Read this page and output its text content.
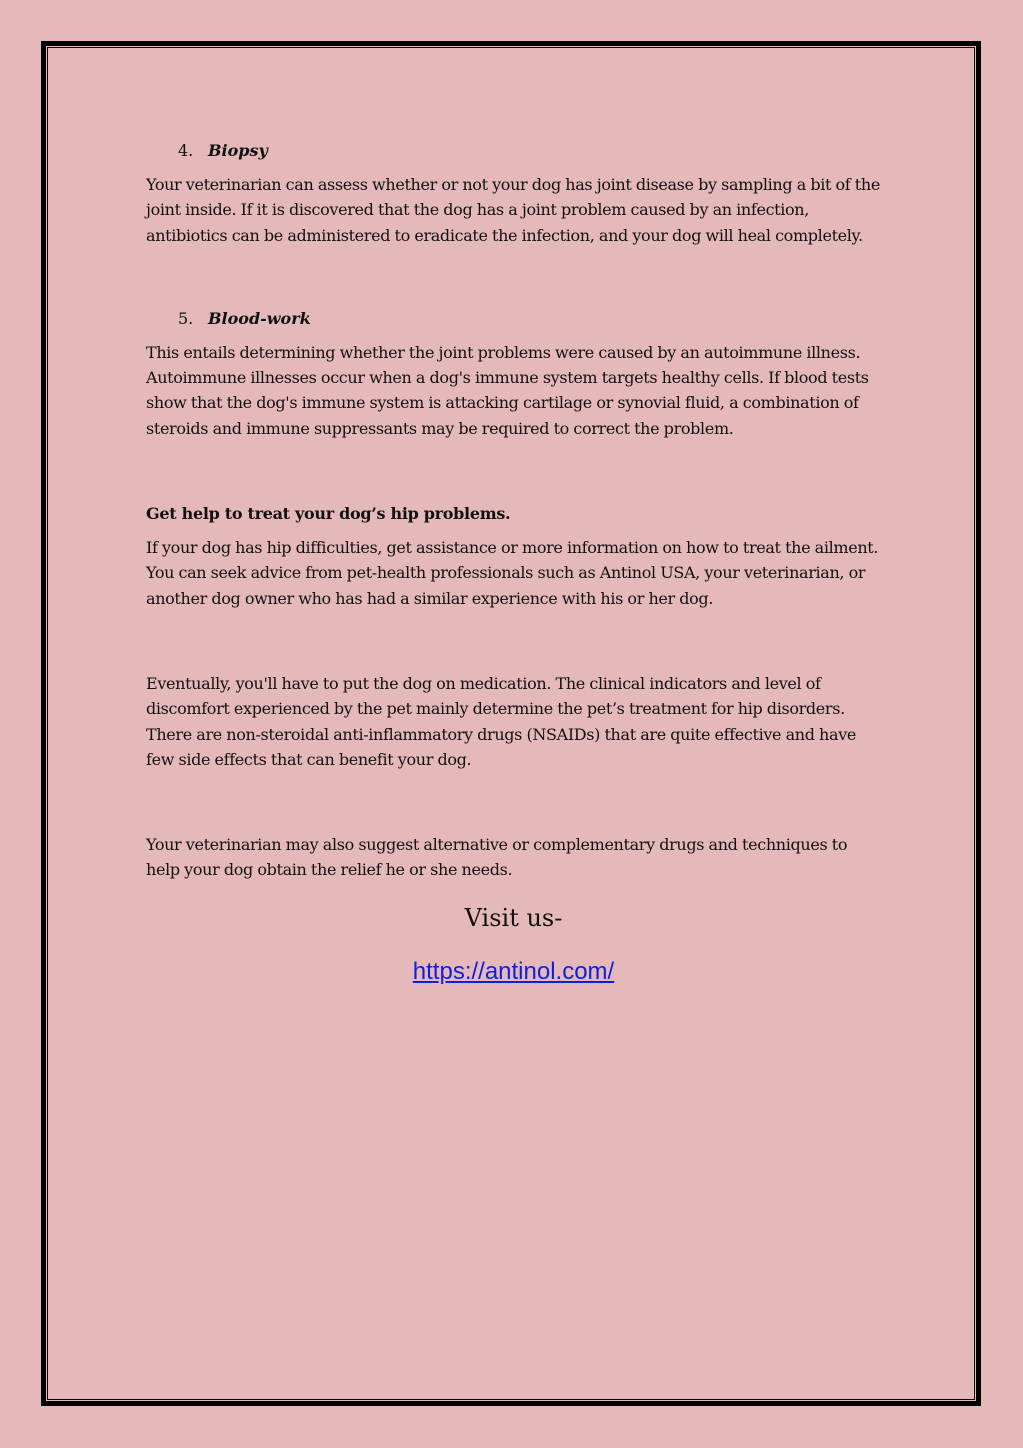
4. Biopsy

Your veterinarian can assess whether or not your dog has joint disease by sampling a bit of the joint inside. If it is discovered that the dog has a joint problem caused by an infection, antibiotics can be administered to eradicate the infection, and your dog will heal completely.

5. Blood-work

This entails determining whether the joint problems were caused by an autoimmune illness. Autoimmune illnesses occur when a dog's immune system targets healthy cells. If blood tests show that the dog's immune system is attacking cartilage or synovial fluid, a combination of steroids and immune suppressants may be required to correct the problem.

Get help to treat your dog’s hip problems.

If your dog has hip difficulties, get assistance or more information on how to treat the ailment. You can seek advice from pet-health professionals such as Antinol USA, your veterinarian, or another dog owner who has had a similar experience with his or her dog.

Eventually, you'll have to put the dog on medication. The clinical indicators and level of discomfort experienced by the pet mainly determine the pet’s treatment for hip disorders. There are non-steroidal anti-inflammatory drugs (NSAIDs) that are quite effective and have few side effects that can benefit your dog.

Your veterinarian may also suggest alternative or complementary drugs and techniques to help your dog obtain the relief he or she needs.

Visit us-
https://antinol.com/
